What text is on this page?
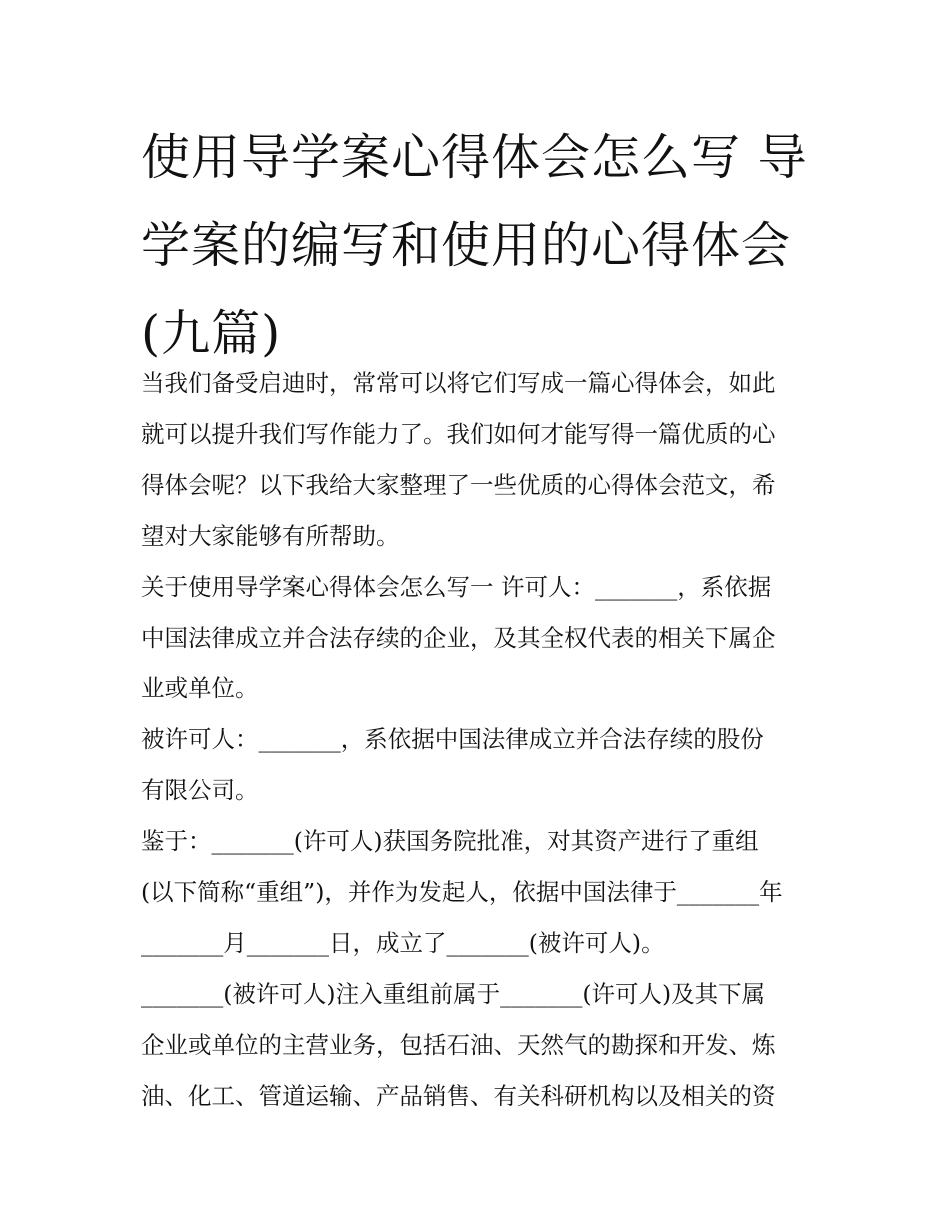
使用导学案心得体会怎么写 导
学案的编写和使用的心得体会
(九篇)
当我们备受启迪时，常常可以将它们写成一篇心得体会，如此
就可以提升我们写作能力了。我们如何才能写得一篇优质的心
得体会呢？以下我给大家整理了一些优质的心得体会范文，希
望对大家能够有所帮助。
关于使用导学案心得体会怎么写一 许可人：_______，系依据
中国法律成立并合法存续的企业，及其全权代表的相关下属企
业或单位。
被许可人：_______，系依据中国法律成立并合法存续的股份
有限公司。
鉴于：_______(许可人)获国务院批准，对其资产进行了重组
(以下简称“重组”)，并作为发起人，依据中国法律于_______年
_______月_______日，成立了_______(被许可人)。
_______(被许可人)注入重组前属于_______(许可人)及其下属
企业或单位的主营业务，包括石油、天然气的勘探和开发、炼
油、化工、管道运输、产品销售、有关科研机构以及相关的资
